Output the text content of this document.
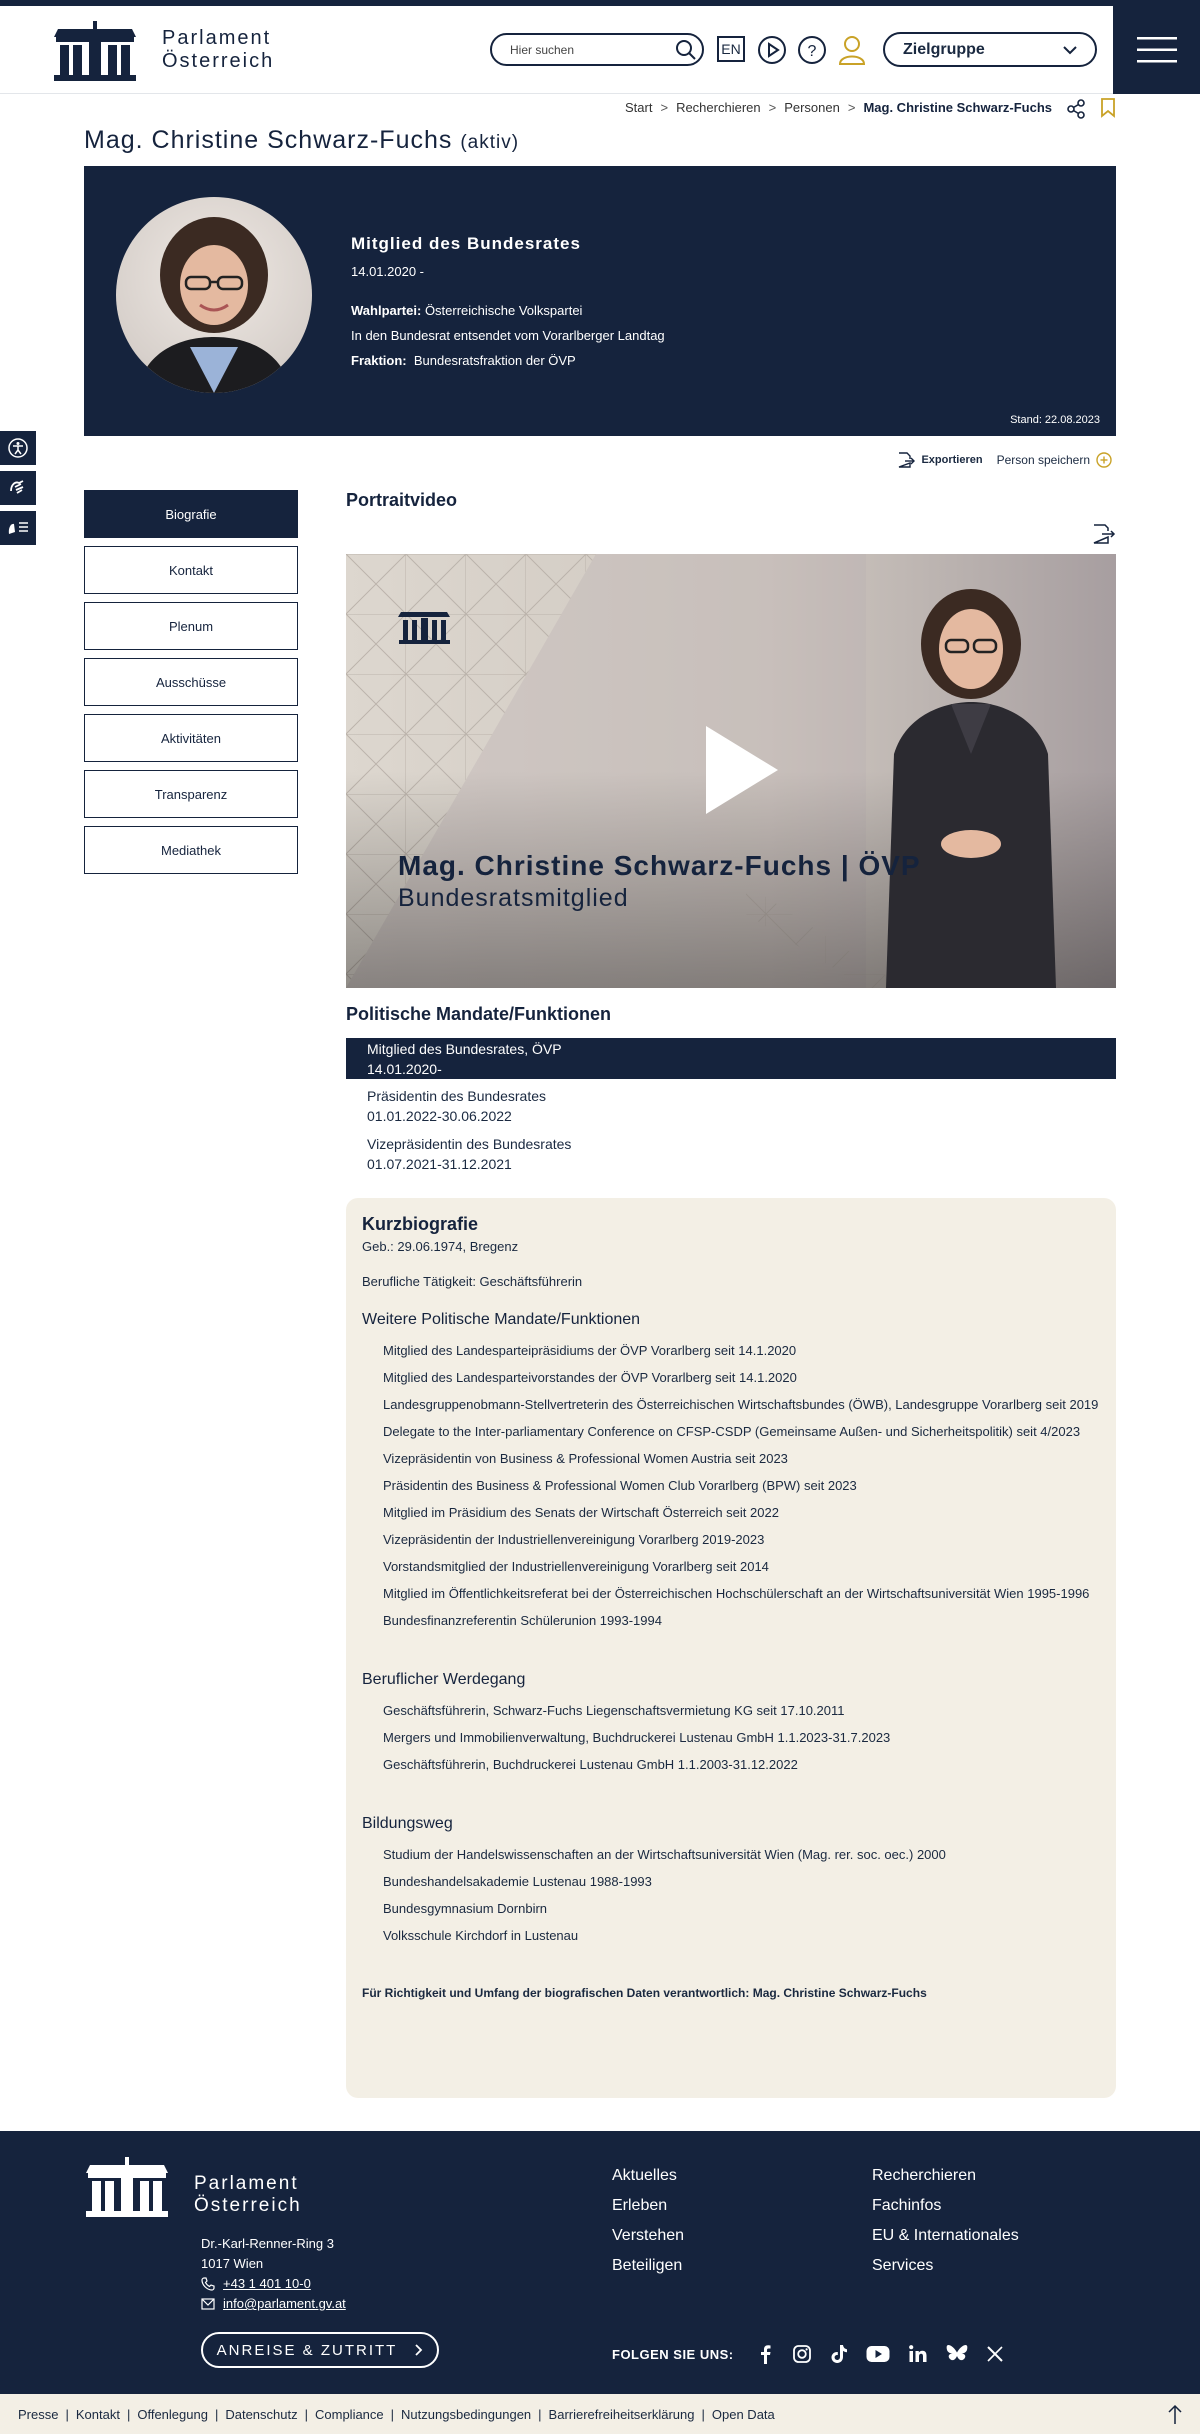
Parlament
Österreich
Hier suchen
EN	?	Zielgruppe
Start > Recherchieren > Personen > Mag. Christine Schwarz-Fuchs
Mag. Christine Schwarz-Fuchs (aktiv)
Mitglied des Bundesrates
14.01.2020 -
Wahlpartei: Österreichische Volkspartei
In den Bundesrat entsendet vom Vorarlberger Landtag
Fraktion: Bundesratsfraktion der ÖVP
Stand: 22.08.2023
Exportieren Person speichern
Biografie
Kontakt
Plenum
Ausschüsse
Aktivitäten
Transparenz
Mediathek
Portraitvideo
Mag. Christine Schwarz-Fuchs | ÖVP
Bundesratsmitglied
Politische Mandate/Funktionen
Mitglied des Bundesrates, ÖVP
14.01.2020-
Präsidentin des Bundesrates
01.01.2022-30.06.2022
Vizepräsidentin des Bundesrates
01.07.2021-31.12.2021
Kurzbiografie
Geb.: 29.06.1974, Bregenz
Berufliche Tätigkeit: Geschäftsführerin
Weitere Politische Mandate/Funktionen
Mitglied des Landesparteipräsidiums der ÖVP Vorarlberg seit 14.1.2020
Mitglied des Landesparteivorstandes der ÖVP Vorarlberg seit 14.1.2020
Landesgruppenobmann-Stellvertreterin des Österreichischen Wirtschaftsbundes (ÖWB), Landesgruppe Vorarlberg seit 2019
Delegate to the Inter-parliamentary Conference on CFSP-CSDP (Gemeinsame Außen- und Sicherheitspolitik) seit 4/2023
Vizepräsidentin von Business & Professional Women Austria seit 2023
Präsidentin des Business & Professional Women Club Vorarlberg (BPW) seit 2023
Mitglied im Präsidium des Senats der Wirtschaft Österreich seit 2022
Vizepräsidentin der Industriellenvereinigung Vorarlberg 2019-2023
Vorstandsmitglied der Industriellenvereinigung Vorarlberg seit 2014
Mitglied im Öffentlichkeitsreferat bei der Österreichischen Hochschülerschaft an der Wirtschaftsuniversität Wien 1995-1996
Bundesfinanzreferentin Schülerunion 1993-1994
Beruflicher Werdegang
Geschäftsführerin, Schwarz-Fuchs Liegenschaftsvermietung KG seit 17.10.2011
Mergers und Immobilienverwaltung, Buchdruckerei Lustenau GmbH 1.1.2023-31.7.2023
Geschäftsführerin, Buchdruckerei Lustenau GmbH 1.1.2003-31.12.2022
Bildungsweg
Studium der Handelswissenschaften an der Wirtschaftsuniversität Wien (Mag. rer. soc. oec.) 2000
Bundeshandelsakademie Lustenau 1988-1993
Bundesgymnasium Dornbirn
Volksschule Kirchdorf in Lustenau
Für Richtigkeit und Umfang der biografischen Daten verantwortlich: Mag. Christine Schwarz-Fuchs
Parlament
Österreich
Dr.-Karl-Renner-Ring 3
1017 Wien
+43 1 401 10-0
info@parlament.gv.at
Aktuelles
Erleben
Verstehen
Beteiligen
Recherchieren
Fachinfos
EU & Internationales
Services
FOLGEN SIE UNS:
ANREISE & ZUTRITT
Presse | Kontakt | Offenlegung | Datenschutz | Compliance | Nutzungsbedingungen | Barrierefreiheitserklärung | Open Data
